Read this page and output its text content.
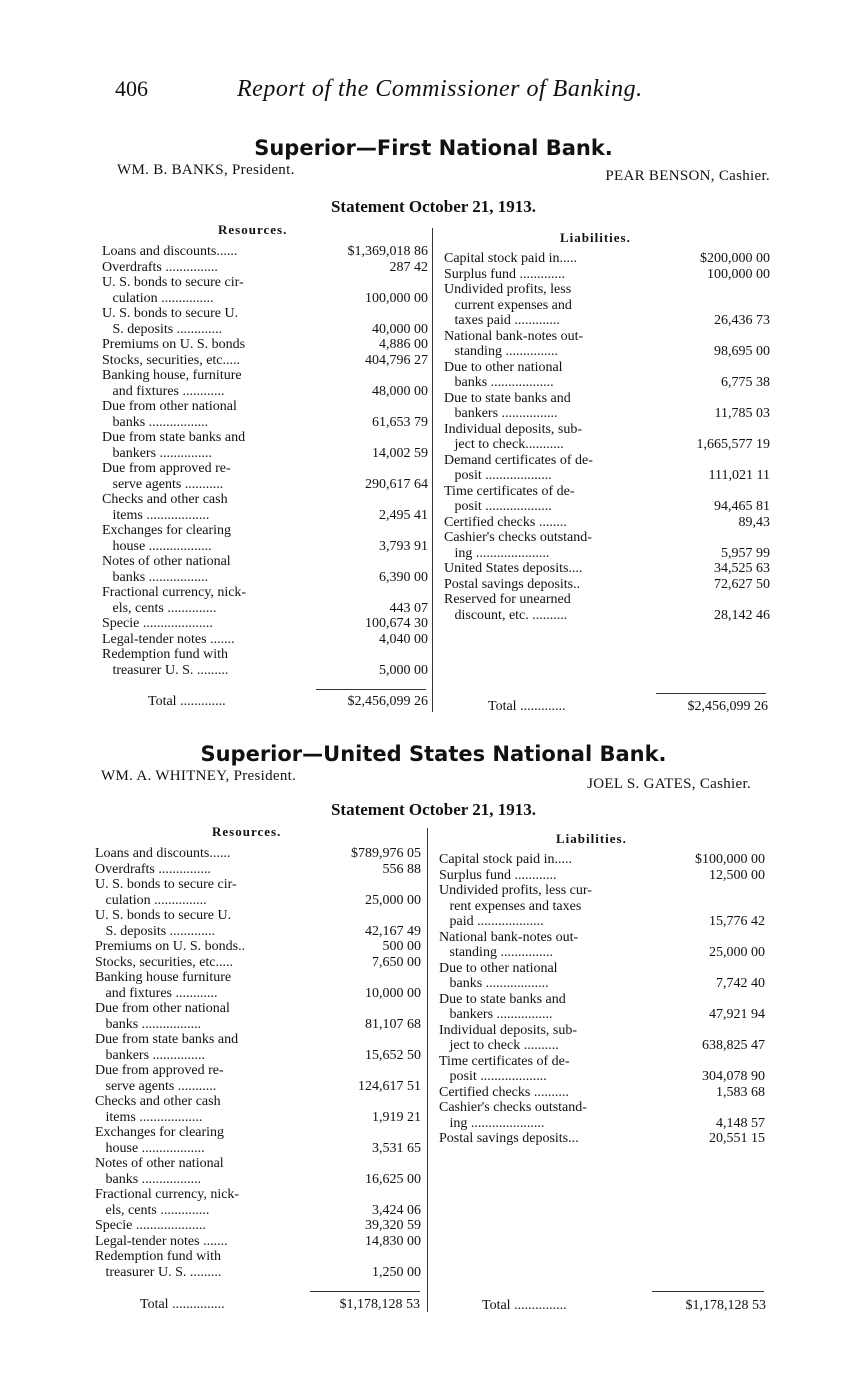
406	Report of the Commissioner of Banking.
Superior—First National Bank.
WM. B. BANKS, President.	PEAR BENSON, Cashier.
Statement October 21, 1913.
Resources.
Liabilities.
Loans and discounts......	$1,369,018 86
Overdrafts ...............	287 42
U. S. bonds to secure cir-
culation ...............	100,000 00
U. S. bonds to secure U.
S. deposits .............	40,000 00
Premiums on U. S. bonds	4,886 00
Stocks, securities, etc.....	404,796 27
Banking house, furniture
and fixtures ............	48,000 00
Due from other national
banks .................	61,653 79
Due from state banks and
bankers ...............	14,002 59
Due from approved re-
serve agents ...........	290,617 64
Checks and other cash
items ..................	2,495 41
Exchanges for clearing
house ..................	3,793 91
Notes of other national
banks .................	6,390 00
Fractional currency, nick-
els, cents ..............	443 07
Specie ....................	100,674 30
Legal-tender notes .......	4,040 00
Redemption fund with
treasurer U. S. .........	5,000 00
Capital stock paid in.....	$200,000 00
Surplus fund .............	100,000 00
Undivided profits, less
current expenses and
taxes paid .............	26,436 73
National bank-notes out-
standing ...............	98,695 00
Due to other national
banks ..................	6,775 38
Due to state banks and
bankers ................	11,785 03
Individual deposits, sub-
ject to check...........	1,665,577 19
Demand certificates of de-
posit ...................	111,021 11
Time certificates of de-
posit ...................	94,465 81
Certified checks ........	89,43
Cashier's checks outstand-
ing .....................	5,957 99
United States deposits....	34,525 63
Postal savings deposits..	72,627 50
Reserved for unearned
discount, etc. ..........	28,142 46
Total .............	$2,456,099 26	Total .............	$2,456,099 26
Superior—United States National Bank.
WM. A. WHITNEY, President.	JOEL S. GATES, Cashier.
Statement October 21, 1913.
Resources.	Liabilities.
Loans and discounts......	$789,976 05
Overdrafts ...............	556 88
U. S. bonds to secure cir-
culation ...............	25,000 00
U. S. bonds to secure U.
S. deposits .............	42,167 49
Premiums on U. S. bonds..	500 00
Stocks, securities, etc.....	7,650 00
Banking house furniture
and fixtures ............	10,000 00
Due from other national
banks .................	81,107 68
Due from state banks and
bankers ...............	15,652 50
Due from approved re-
serve agents ...........	124,617 51
Checks and other cash
items ..................	1,919 21
Exchanges for clearing
house ..................	3,531 65
Notes of other national
banks .................	16,625 00
Fractional currency, nick-
els, cents ..............	3,424 06
Specie ....................	39,320 59
Legal-tender notes .......	14,830 00
Redemption fund with
treasurer U. S. .........	1,250 00
Capital stock paid in.....	$100,000 00
Surplus fund ............	12,500 00
Undivided profits, less cur-
rent expenses and taxes
paid ...................	15,776 42
National bank-notes out-
standing ...............	25,000 00
Due to other national
banks ..................	7,742 40
Due to state banks and
bankers ................	47,921 94
Individual deposits, sub-
ject to check ..........	638,825 47
Time certificates of de-
posit ...................	304,078 90
Certified checks ..........	1,583 68
Cashier's checks outstand-
ing .....................	4,148 57
Postal savings deposits...	20,551 15
Total ...............	$1,178,128 53	Total ...............	$1,178,128 53
